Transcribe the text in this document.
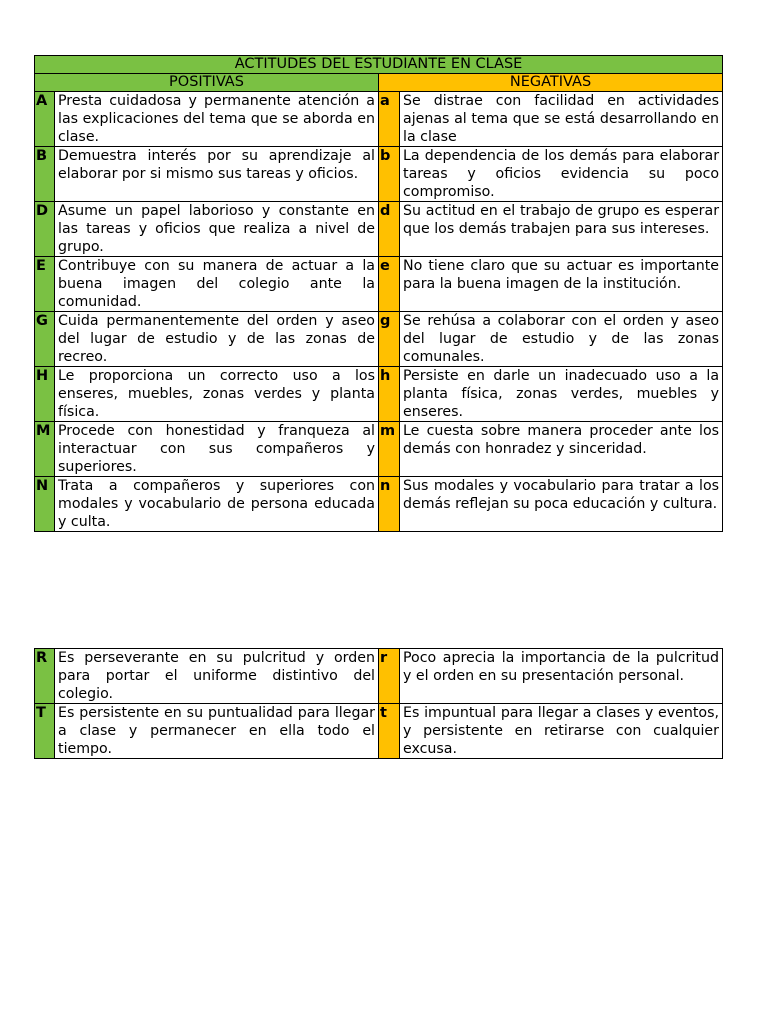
ACTITUDES DEL ESTUDIANTE EN CLASE			
POSITIVAS		NEGATIVAS	
A	Presta cuidadosa y permanente atención a las explicaciones del tema que se aborda en clase.	a	Se distrae con facilidad en actividades ajenas al tema que se está desarrollando en la clase
B	Demuestra interés por su aprendizaje al elaborar por si mismo sus tareas y oficios.	b	La dependencia de los demás para elaborar tareas y oficios evidencia su poco compromiso.
D	Asume un papel laborioso y constante en las tareas y oficios que realiza a nivel de grupo.	d	Su actitud en el trabajo de grupo es esperar que los demás trabajen para sus intereses.
E	Contribuye con su manera de actuar a la buena imagen del colegio ante la comunidad.	e	No tiene claro que su actuar es importante para la buena imagen de la institución.
G	Cuida permanentemente del orden y aseo del lugar de estudio y de las zonas de recreo.	g	Se rehúsa a colaborar con el orden y aseo del lugar de estudio y de las zonas comunales.
H	Le proporciona un correcto uso a los enseres, muebles, zonas verdes y planta física.	h	Persiste en darle un inadecuado uso a la planta física, zonas verdes, muebles y enseres.
M	Procede con honestidad y franqueza al interactuar con sus compañeros y superiores.	m	Le cuesta sobre manera proceder ante los demás con honradez y sinceridad.
N	Trata a compañeros y superiores con modales y vocabulario de persona educada y culta.	n	Sus modales y vocabulario para tratar a los demás reflejan su poca educación y cultura.
R	Es perseverante en su pulcritud y orden para portar el uniforme distintivo del colegio.	r	Poco aprecia la importancia de la pulcritud y el orden en su presentación personal.
T	Es persistente en su puntualidad para llegar a clase y permanecer en ella todo el tiempo.	t	Es impuntual para llegar a clases y eventos, y persistente en retirarse con cualquier excusa.
